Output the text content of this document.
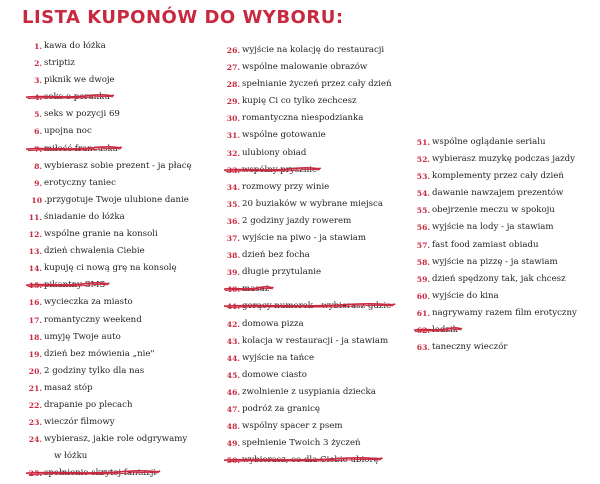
LISTA KUPONÓW DO WYBORU:
1. kawa do łóżka
2. striptiz
3. piknik we dwoje
4. seks o poranku
5. seks w pozycji 69
6. upojna noc
7. miłość francuska
8. wybierasz sobie prezent - ja płacę
9. erotyczny taniec
10 .przygotuje Twoje ulubione danie
11. śniadanie do łóżka
12. wspólne granie na konsoli
13. dzień chwalenia Ciebie
14. kupuję ci nową grę na konsolę
15. pikantny SMS
16. wycieczka za miasto
17. romantyczny weekend
18. umyję Twoje auto
19. dzień bez mówienia „nie"
20. 2 godziny tylko dla nas
21. masaż stóp
22. drapanie po plecach
23. wieczór filmowy
24. wybierasz, jakie role odgrywamy
w łóżku
25. spełnienie skrytej fantazji
26. wyjście na kolację do restauracji
27. wspólne malowanie obrazów
28. spełnianie życzeń przez cały dzień
29. kupię Ci co tylko zechcesz
30. romantyczna niespodzianka
31. wspólne gotowanie
32. ulubiony obiad
33. wspólny prysznic
34. rozmowy przy winie
35. 20 buziaków w wybrane miejsca
36. 2 godziny jazdy rowerem
37. wyjście na piwo - ja stawiam
38. dzień bez focha
39. długie przytulanie
40. masaż
41. gorący numerek - wybierasz gdzie
42. domowa pizza
43. kolacja w restauracji - ja stawiam
44. wyjście na tańce
45. domowe ciasto
46. zwolnienie z usypiania dziecka
47. podróż za granicę
48. wspólny spacer z psem
49. spełnienie Twoich 3 życzeń
50. wybierasz, co dla Ciebie ubiorę
51. wspólne oglądanie serialu
52. wybierasz muzykę podczas jazdy
53. komplementy przez cały dzień
54. dawanie nawzajem prezentów
55. obejrzenie meczu w spokoju
56. wyjście na lody - ja stawiam
57. fast food zamiast obiadu
58. wyjście na pizzę - ja stawiam
59. dzień spędzony tak, jak chcesz
60. wyjście do kina
61. nagrywamy razem film erotyczny
62. lodzik
63. taneczny wieczór
